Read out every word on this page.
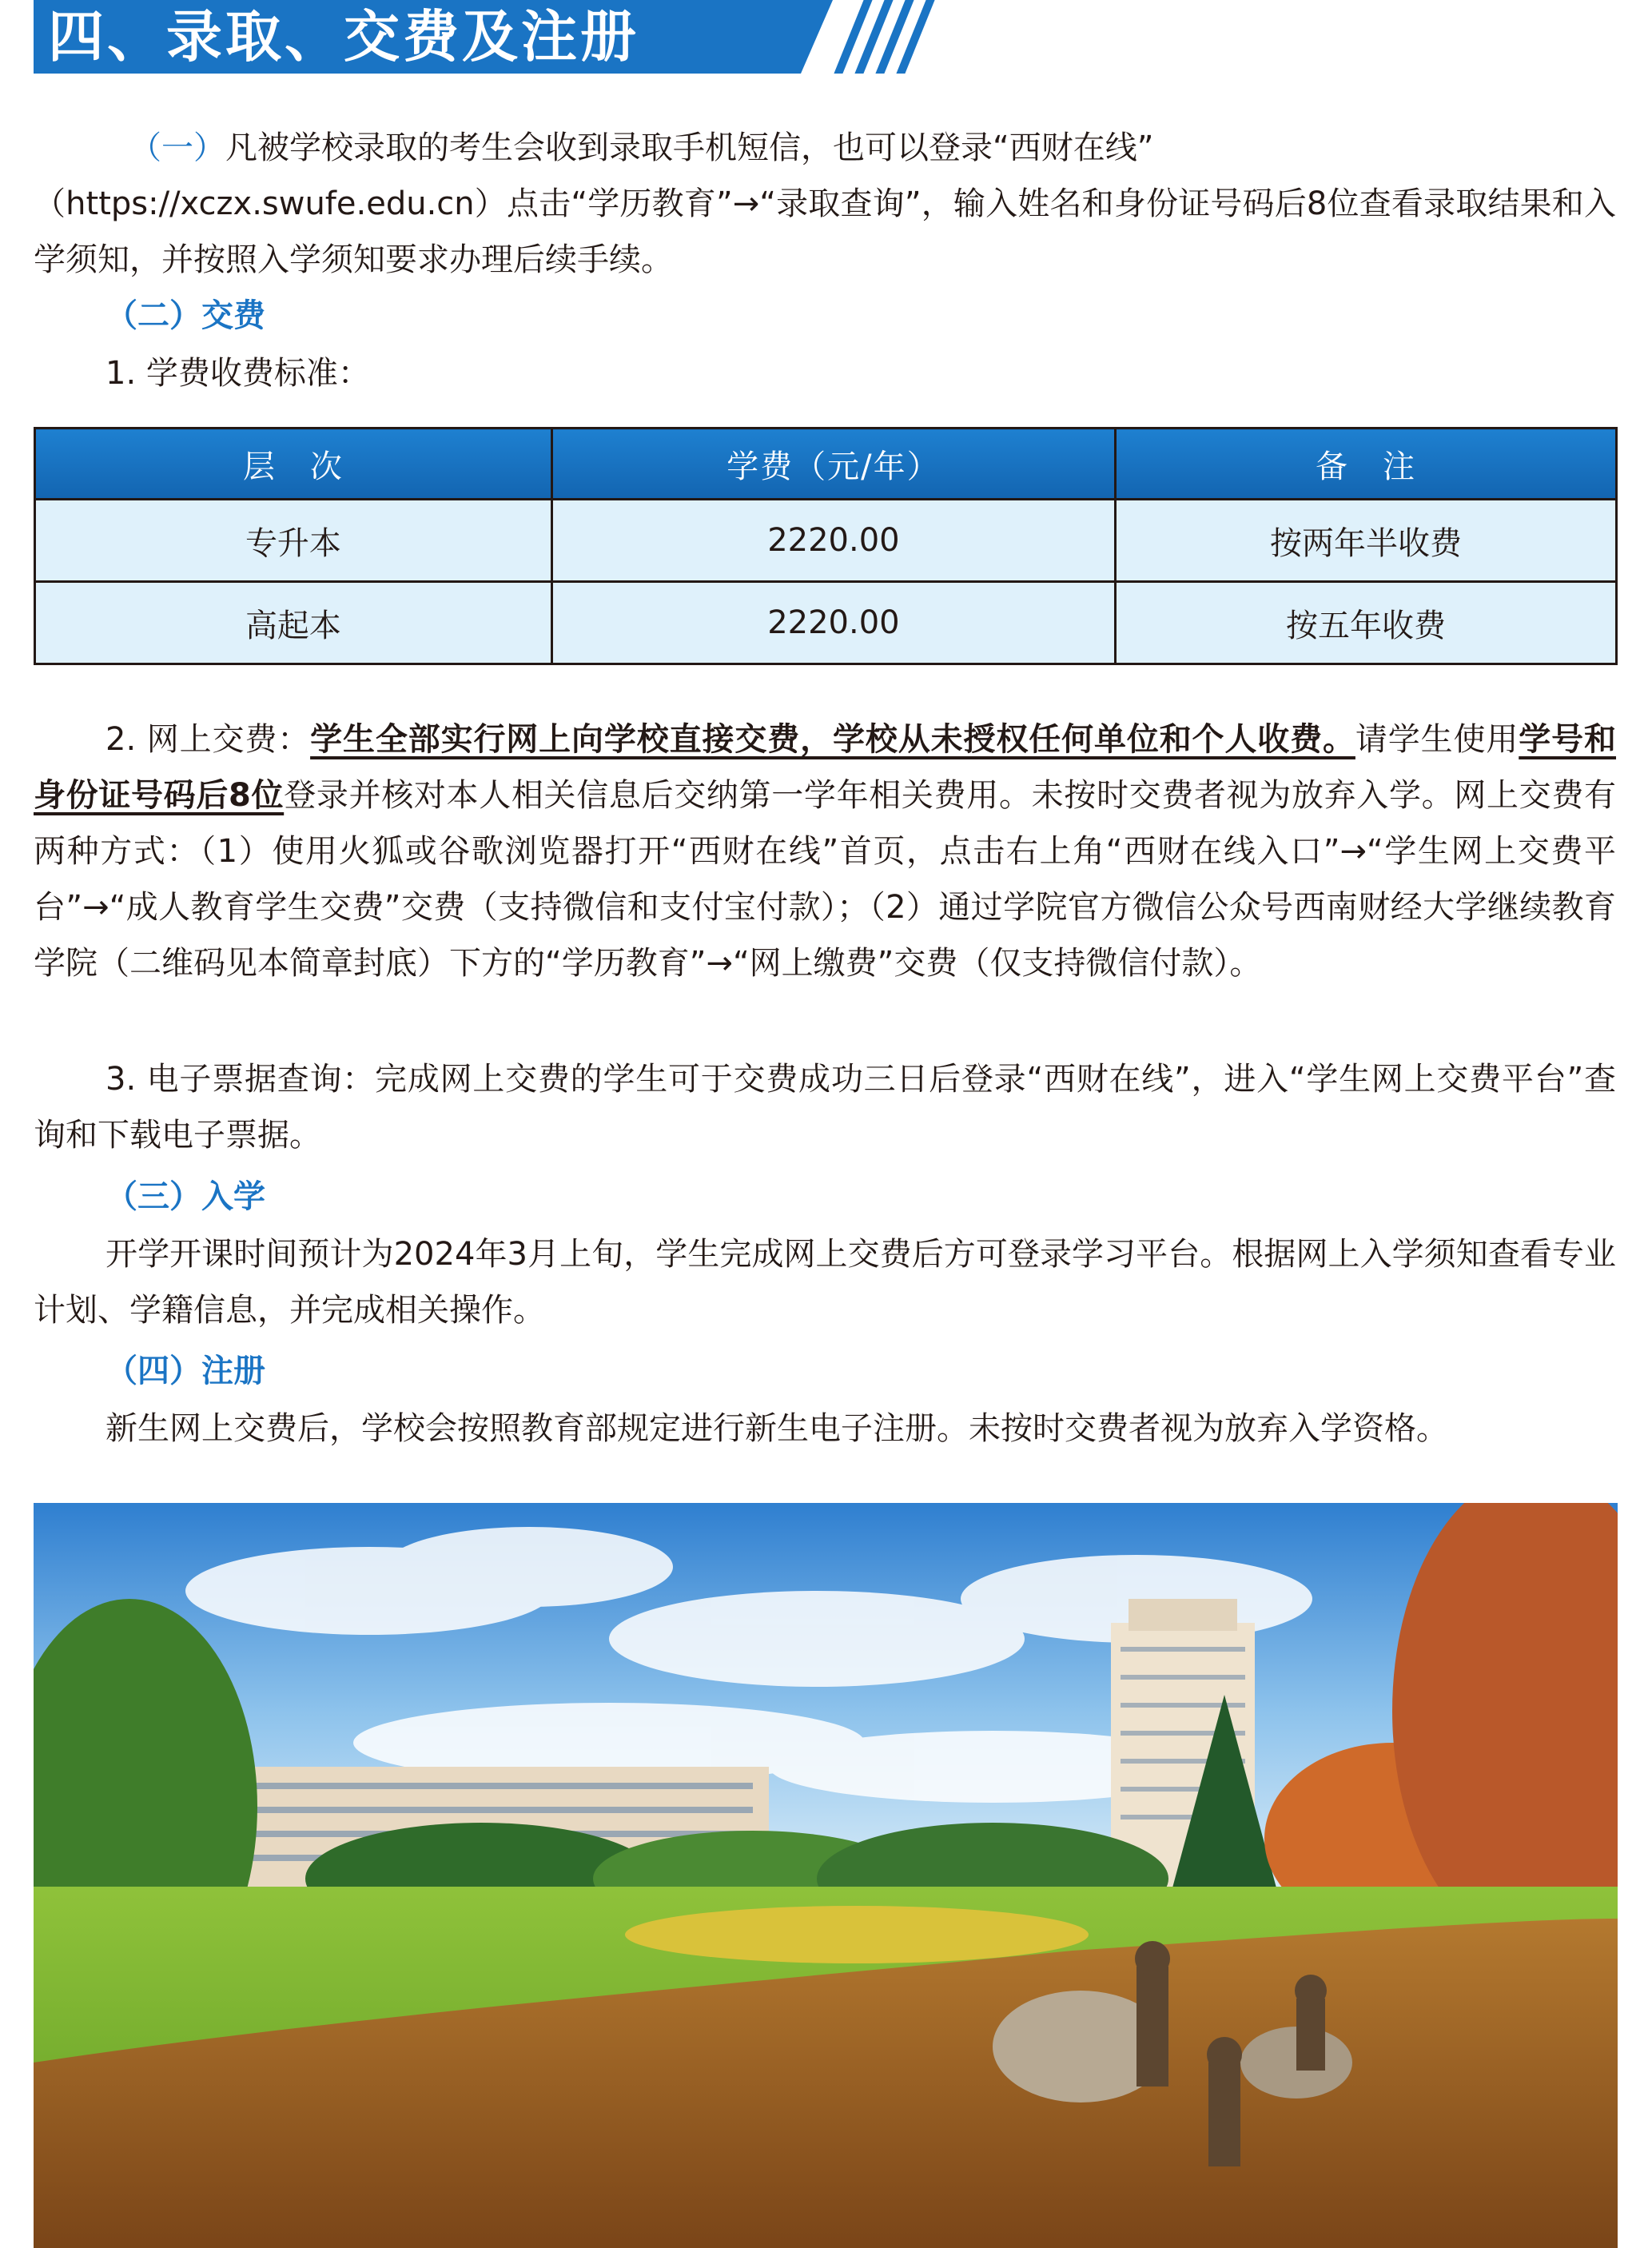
四、录取、交费及注册
（一）凡被学校录取的考生会收到录取手机短信，也可以登录“西财在线”
（https://xczx.swufe.edu.cn）点击“学历教育”→“录取查询”，输入姓名和身份证号码后8位查看录取结果和入学须知，并按照入学须知要求办理后续手续。
（二）交费
1. 学费收费标准：
层　次	学费（元/年）	备　注
专升本	2220.00	按两年半收费
高起本	2220.00	按五年收费
2. 网上交费：学生全部实行网上向学校直接交费，学校从未授权任何单位和个人收费。请学生使用学号和身份证号码后8位登录并核对本人相关信息后交纳第一学年相关费用。未按时交费者视为放弃入学。网上交费有两种方式：（1）使用火狐或谷歌浏览器打开“西财在线”首页，点击右上角“西财在线入口”→“学生网上交费平台”→“成人教育学生交费”交费（支持微信和支付宝付款）；（2）通过学院官方微信公众号西南财经大学继续教育学院（二维码见本简章封底）下方的“学历教育”→“网上缴费”交费（仅支持微信付款）。
3. 电子票据查询：完成网上交费的学生可于交费成功三日后登录“西财在线”，进入“学生网上交费平台”查询和下载电子票据。
（三）入学
开学开课时间预计为2024年3月上旬，学生完成网上交费后方可登录学习平台。根据网上入学须知查看专业计划、学籍信息，并完成相关操作。
（四）注册
新生网上交费后，学校会按照教育部规定进行新生电子注册。未按时交费者视为放弃入学资格。
